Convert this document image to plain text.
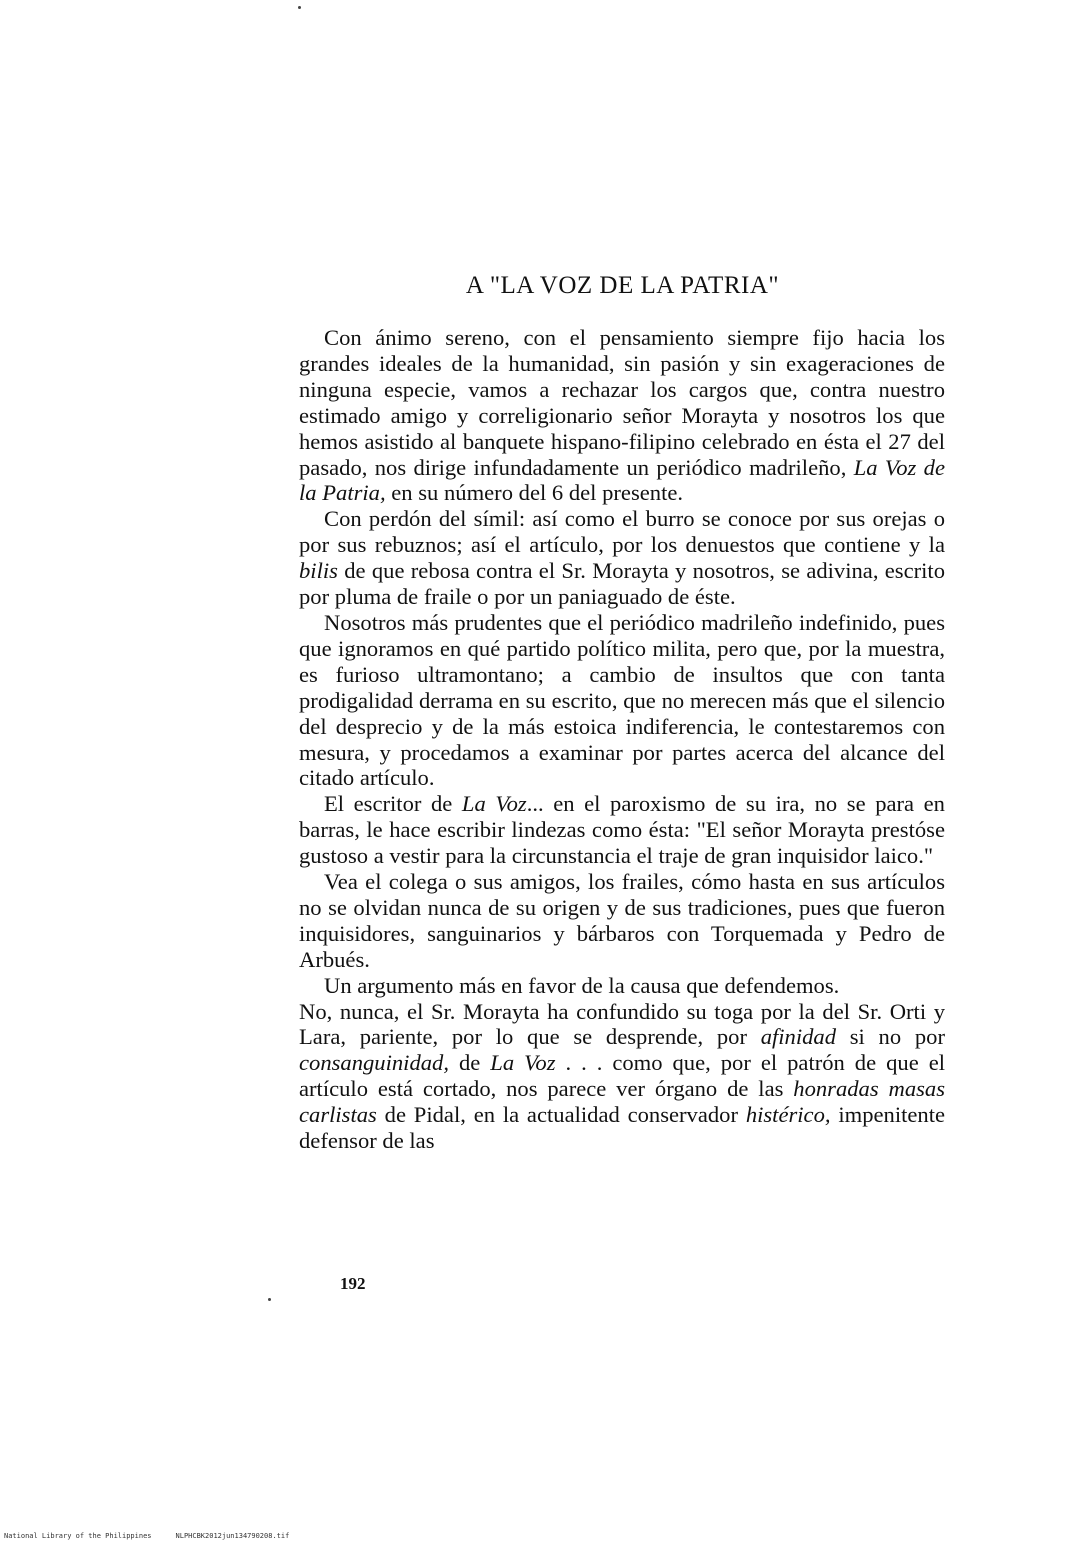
A "LA VOZ DE LA PATRIA"

Con ánimo sereno, con el pensamiento siempre fijo hacia los grandes ideales de la humanidad, sin pasión y sin exageraciones de ninguna especie, vamos a rechazar los cargos que, contra nuestro estimado amigo y correligionario señor Morayta y nosotros los que hemos asistido al banquete hispano-filipino celebrado en ésta el 27 del pasado, nos dirige infundadamente un periódico madrileño, La Voz de la Patria, en su número del 6 del presente.

Con perdón del símil: así como el burro se conoce por sus orejas o por sus rebuznos; así el artículo, por los denuestos que contiene y la bilis de que rebosa contra el Sr. Morayta y nosotros, se adivina, escrito por pluma de fraile o por un paniaguado de éste.

Nosotros más prudentes que el periódico madrileño indefinido, pues que ignoramos en qué partido político milita, pero que, por la muestra, es furioso ultramontano; a cambio de insultos que con tanta prodigalidad derrama en su escrito, que no merecen más que el silencio del desprecio y de la más estoica indiferencia, le contestaremos con mesura, y procedamos a examinar por partes acerca del alcance del citado artículo.

El escritor de La Voz... en el paroxismo de su ira, no se para en barras, le hace escribir lindezas como ésta: "El señor Morayta prestóse gustoso a vestir para la circunstancia el traje de gran inquisidor laico."

Vea el colega o sus amigos, los frailes, cómo hasta en sus artículos no se olvidan nunca de su origen y de sus tradiciones, pues que fueron inquisidores, sanguinarios y bárbaros con Torquemada y Pedro de Arbués.

Un argumento más en favor de la causa que defendemos.

No, nunca, el Sr. Morayta ha confundido su toga por la del Sr. Orti y Lara, pariente, por lo que se desprende, por afinidad si no por consanguinidad, de La Voz . . . como que, por el patrón de que el artículo está cortado, nos parece ver órgano de las honradas masas carlistas de Pidal, en la actualidad conservador histérico, impenitente defensor de las

192
National Library of the Philippines	NLPHCBK2012jun134790208.tif
